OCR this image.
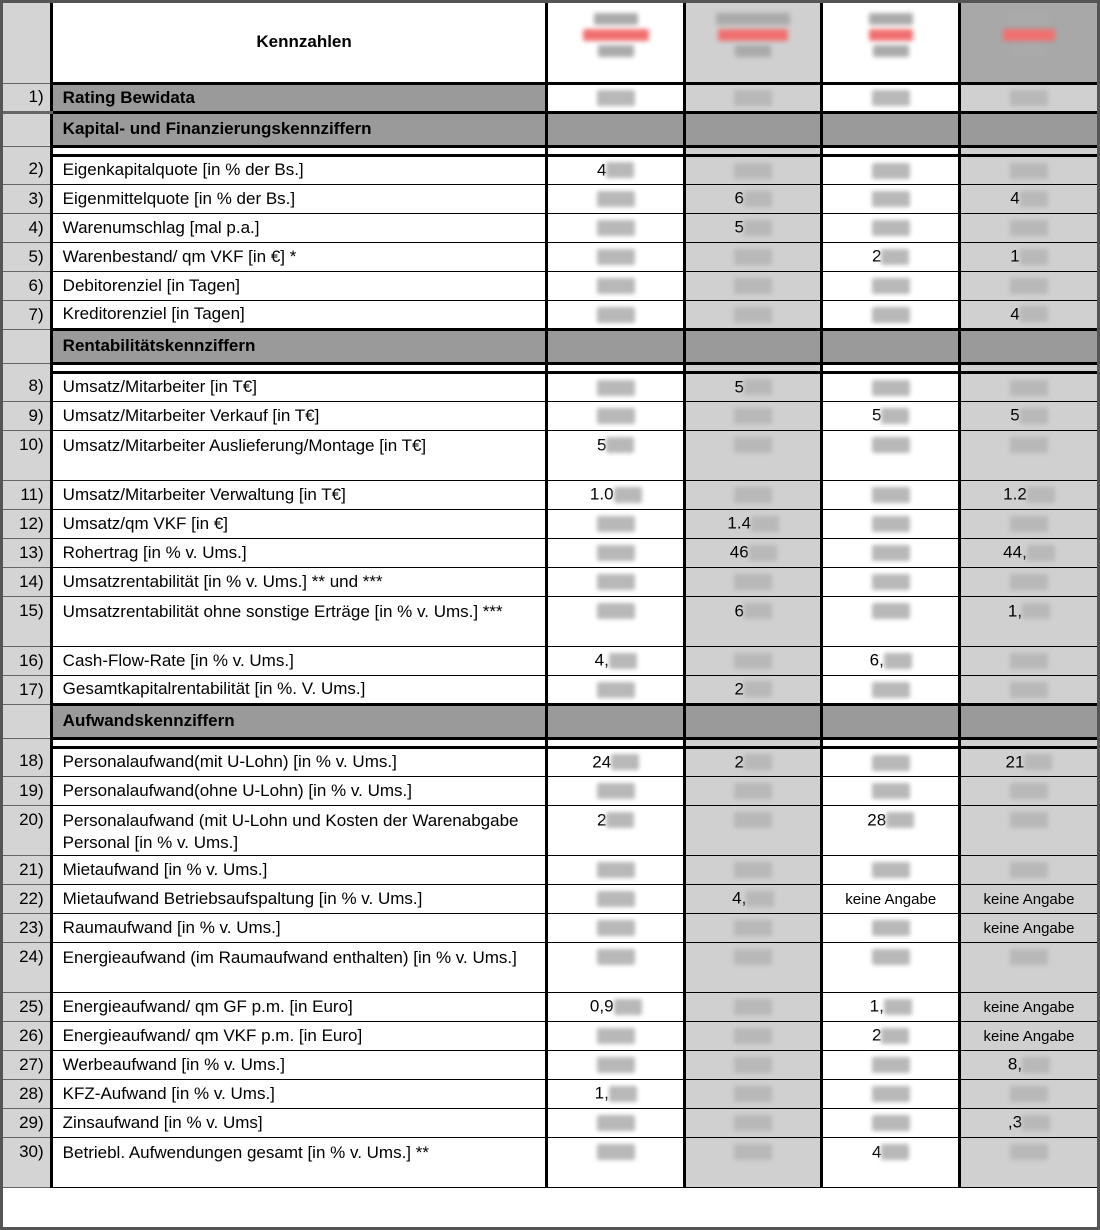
	Kennzahlen	

1)	Rating Bewidata				
	Kapital- und Finanzierungskennziffern				

2)	Eigenkapitalquote [in % der Bs.]	4			
3)	Eigenmittelquote [in % der Bs.]		6		4
4)	Warenumschlag [mal p.a.]		5		
5)	Warenbestand/ qm VKF [in €] *			2	1
6)	Debitorenziel [in Tagen]				
7)	Kreditorenziel [in Tagen]				4
	Rentabilitätskennziffern				

8)	Umsatz/Mitarbeiter [in T€]		5		
9)	Umsatz/Mitarbeiter Verkauf [in T€]			5	5
10)	Umsatz/Mitarbeiter Auslieferung/Montage [in T€]	5			
11)	Umsatz/Mitarbeiter Verwaltung [in T€]	1.0			1.2
12)	Umsatz/qm VKF [in €]		1.4		
13)	Rohertrag [in % v. Ums.]		46		44,
14)	Umsatzrentabilität [in % v. Ums.] ** und ***				
15)	Umsatzrentabilität ohne sonstige Erträge [in % v. Ums.] ***		6		1,
16)	Cash-Flow-Rate [in % v. Ums.]	4,		6,	
17)	Gesamtkapitalrentabilität [in %. V. Ums.]		2		
	Aufwandskennziffern				

18)	Personalaufwand(mit U-Lohn) [in % v. Ums.]	24	2		21
19)	Personalaufwand(ohne U-Lohn) [in % v. Ums.]				
20)	Personalaufwand (mit U-Lohn und Kosten der Warenabgabe Personal [in % v. Ums.]	2		28	
21)	Mietaufwand [in % v. Ums.]				
22)	Mietaufwand Betriebsaufspaltung [in % v. Ums.]		4,	keine Angabe	keine Angabe
23)	Raumaufwand [in % v. Ums.]				keine Angabe
24)	Energieaufwand (im Raumaufwand enthalten) [in % v. Ums.]				
25)	Energieaufwand/ qm GF p.m. [in Euro]	0,9		1,	keine Angabe
26)	Energieaufwand/ qm VKF p.m. [in Euro]			2	keine Angabe
27)	Werbeaufwand [in % v. Ums.]				8,
28)	KFZ-Aufwand [in % v. Ums.]	1,			
29)	Zinsaufwand [in % v. Ums]				,3
30)	Betriebl. Aufwendungen gesamt [in % v. Ums.] **			4	
